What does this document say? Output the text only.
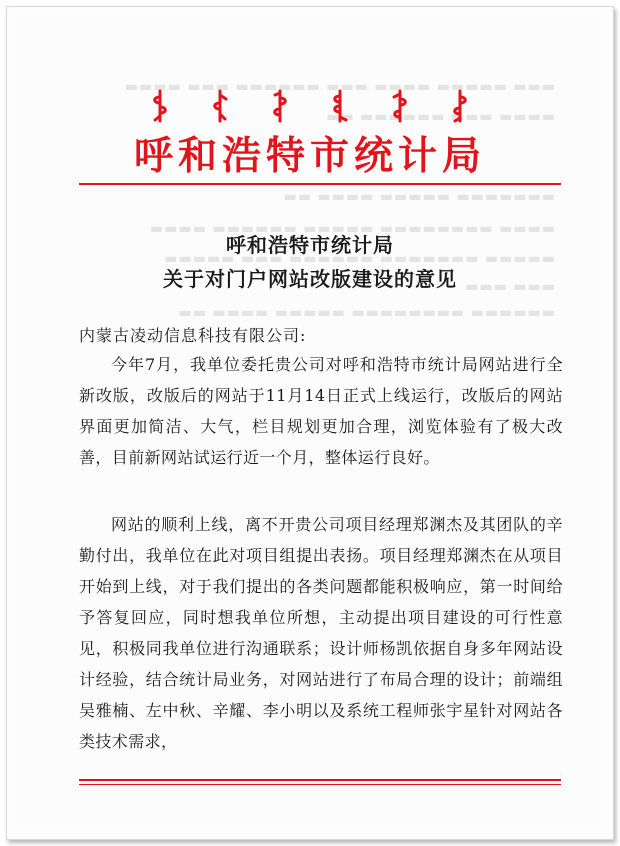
▬▬▬ ▬▬▬▬▬ ▬▬▬▬ ▬▬▬ ▬▬▬▬▬▬ ▬▬▬ ▬▬▬▬
▬▬▬▬ ▬▬▬ ▬▬▬▬▬▬ ▬▬
▬▬▬▬▬▬▬ ▬▬▬▬▬ ▬▬▬▬ ▬▬
▬▬▬▬ ▬▬▬▬▬▬▬▬ ▬▬▬▬▬ ▬▬▬▬▬▬ ▬▬▬▬
▬▬▬▬▬ ▬▬▬▬▬▬▬ ▬▬▬▬▬▬ ▬▬▬ ▬▬▬▬▬
▬▬▬ ▬▬▬
▬▬▬▬▬▬ ▬▬▬▬▬▬▬▬ ▬▬▬▬▬ ▬▬▬▬ ▬▬
呼和浩特市统计局
呼和浩特市统计局
关于对门户网站改版建设的意见
内蒙古凌动信息科技有限公司:
今年7月，我单位委托贵公司对呼和浩特市统计局网站进行全新改版，改版后的网站于11月14日正式上线运行，改版后的网站界面更加简洁、大气，栏目规划更加合理，浏览体验有了极大改善，目前新网站试运行近一个月，整体运行良好。
网站的顺利上线，离不开贵公司项目经理郑渊杰及其团队的辛勤付出，我单位在此对项目组提出表扬。项目经理郑渊杰在从项目开始到上线，对于我们提出的各类问题都能积极响应，第一时间给予答复回应，同时想我单位所想，主动提出项目建设的可行性意见，积极同我单位进行沟通联系；设计师杨凯依据自身多年网站设计经验，结合统计局业务，对网站进行了布局合理的设计；前端组吴雅楠、左中秋、辛耀、李小明以及系统工程师张宇星针对网站各类技术需求，
